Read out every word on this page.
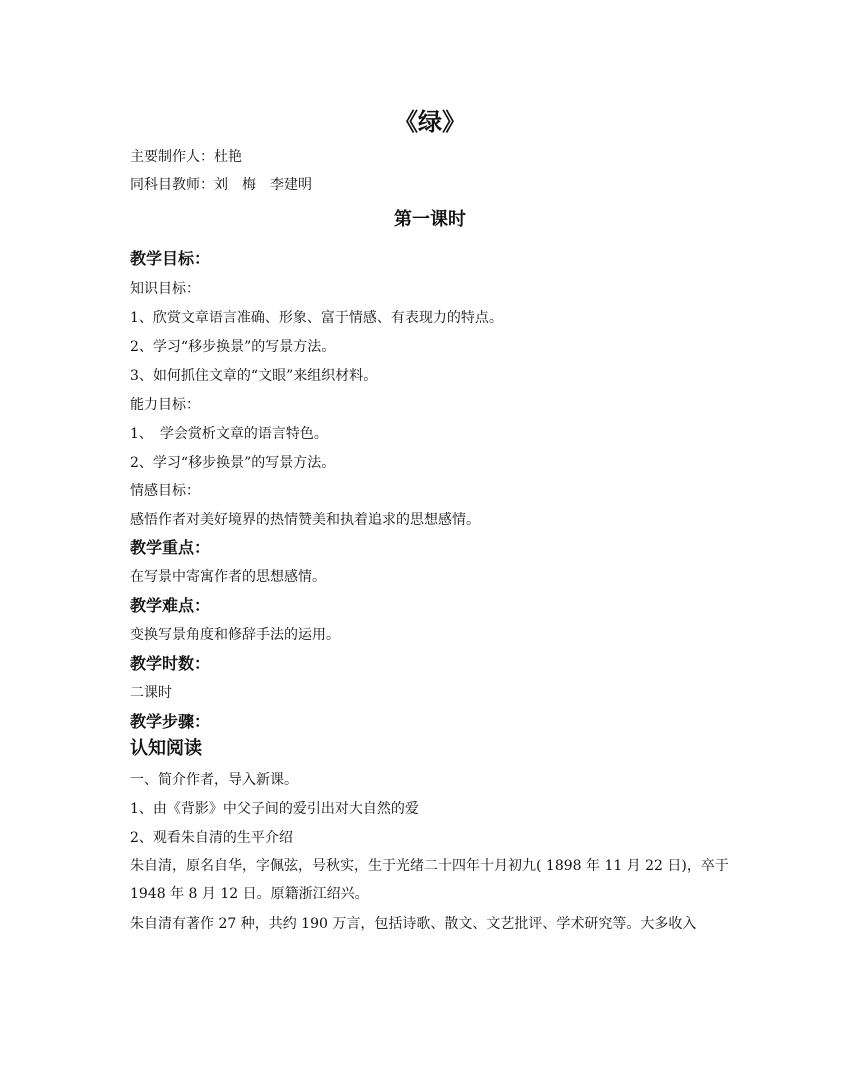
《绿》
主要制作人：杜艳
同科目教师：刘　梅　李建明
第一课时
教学目标：
知识目标：
1、欣赏文章语言准确、形象、富于情感、有表现力的特点。
2、学习“移步换景”的写景方法。
3、如何抓住文章的“文眼”来组织材料。
能力目标：
1、　学会赏析文章的语言特色。
2、学习“移步换景”的写景方法。
情感目标：
感悟作者对美好境界的热情赞美和执着追求的思想感情。
教学重点：
在写景中寄寓作者的思想感情。
教学难点：
变换写景角度和修辞手法的运用。
教学时数：
二课时
教学步骤：
认知阅读
一、简介作者，导入新课。
1、由《背影》中父子间的爱引出对大自然的爱
2、观看朱自清的生平介绍
朱自清，原名自华，字佩弦，号秋实，生于光绪二十四年十月初九( 1898 年 11 月 22 日)，卒于 1948 年 8 月 12 日。原籍浙江绍兴。
朱自清有著作 27 种，共约 190 万言，包括诗歌、散文、文艺批评、学术研究等。大多收入
